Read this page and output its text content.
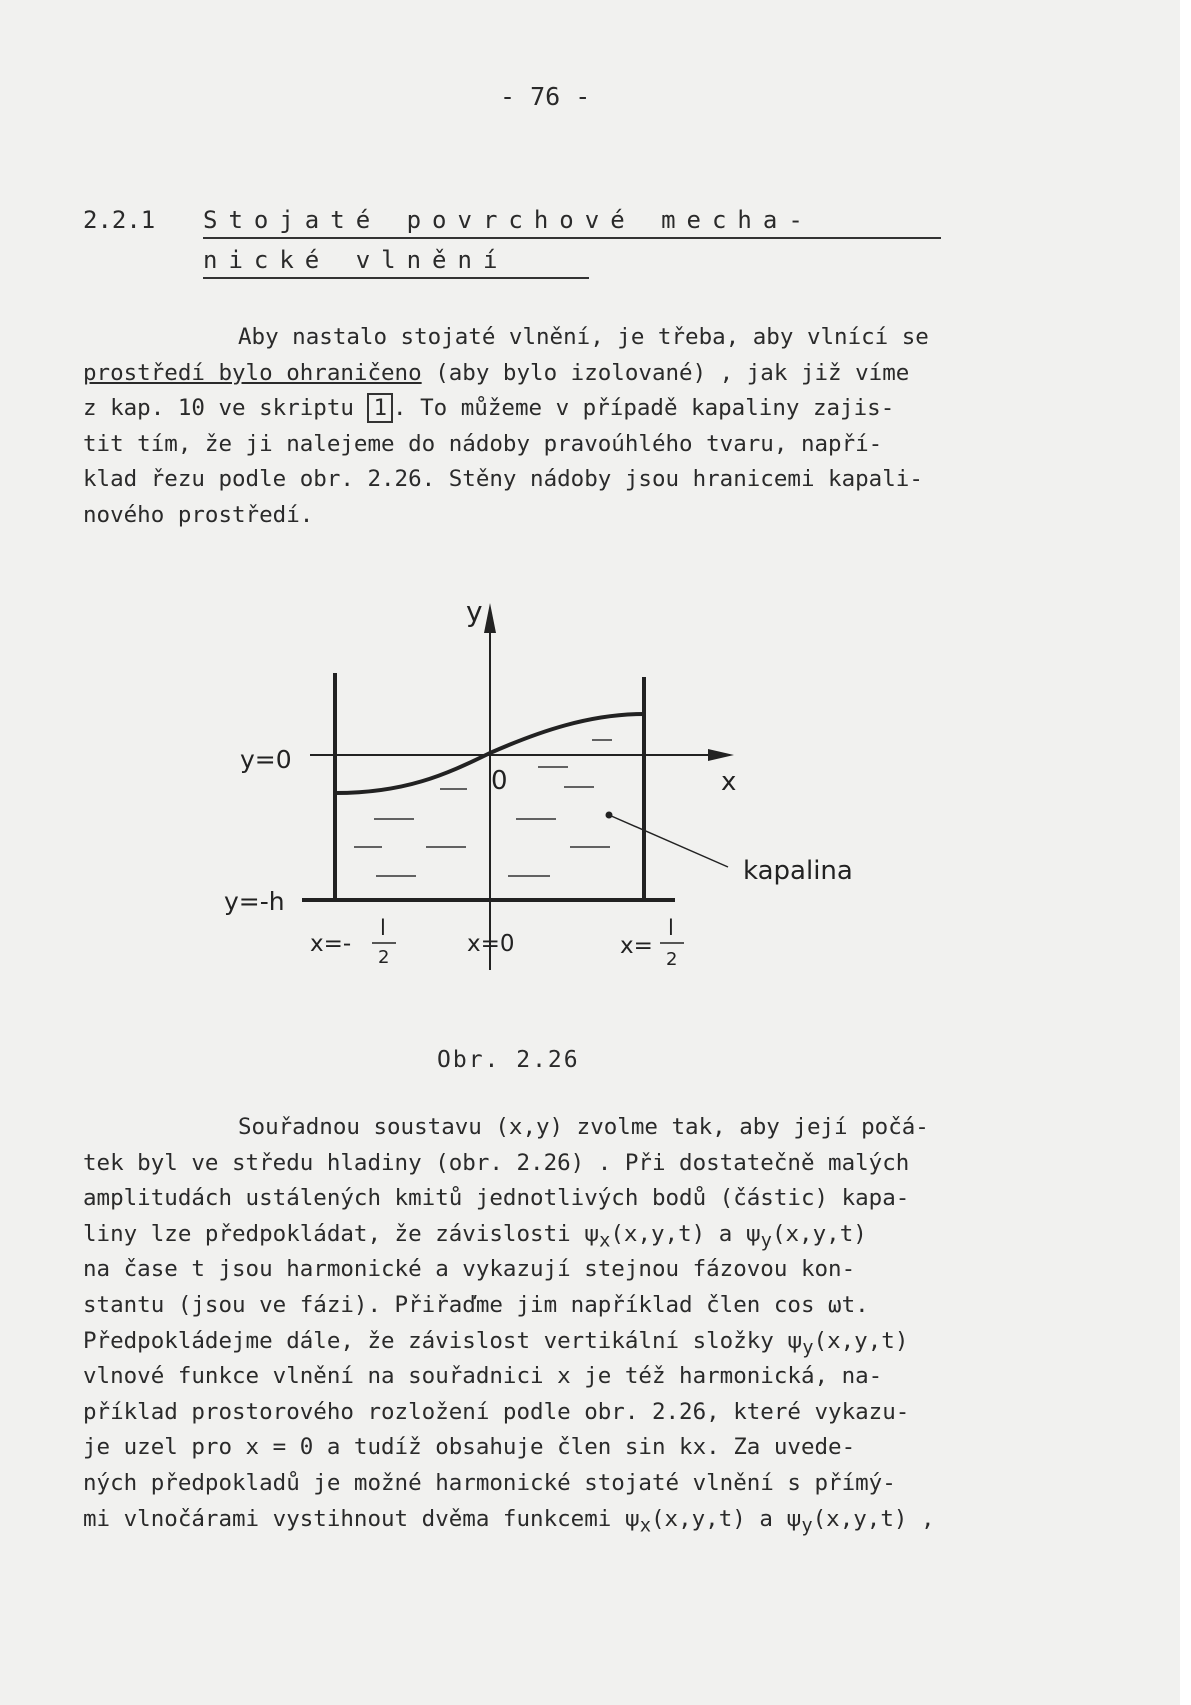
- 76 -
2.2.1 Stojaté povrchové mecha-
nické vlnění
Aby nastalo stojaté vlnění, je třeba, aby vlnící se
prostředí bylo ohraničeno (aby bylo izolované) , jak již víme
z kap. 10 ve skriptu 1 . To můžeme v případě kapaliny zajis-
tit tím, že ji nalejeme do nádoby pravoúhlého tvaru, napří-
klad řezu podle obr. 2.26. Stěny nádoby jsou hranicemi kapali-
nového prostředí.
y
x
0
y=0
y=-h
kapalina
x=-
l
2
x=0	x=
l
2
Obr. 2.26
Souřadnou soustavu (x,y) zvolme tak, aby její počá-
tek byl ve středu hladiny (obr. 2.26) . Při dostatečně malých
amplitudách ustálených kmitů jednotlivých bodů (částic) kapa-
liny lze předpokládat, že závislosti $\psi_x(x,y,t)$ a $\psi_y(x,y,t)$
na čase t jsou harmonické a vykazují stejnou fázovou kon-
stantu (jsou ve fázi). Přiřaďme jim například člen cos ωt.
Předpokládejme dále, že závislost vertikální složky $\psi_y(x,y,t)$
vlnové funkce vlnění na souřadnici x je též harmonická, na-
příklad prostorového rozložení podle obr. 2.26, které vykazu-
je uzel pro x = 0 a tudíž obsahuje člen sin kx. Za uvede-
ných předpokladů je možné harmonické stojaté vlnění s přímý-
mi vlnočárami vystihnout dvěma funkcemi $\psi_x(x,y,t)$ a $\psi_y(x,y,t)$ ,
